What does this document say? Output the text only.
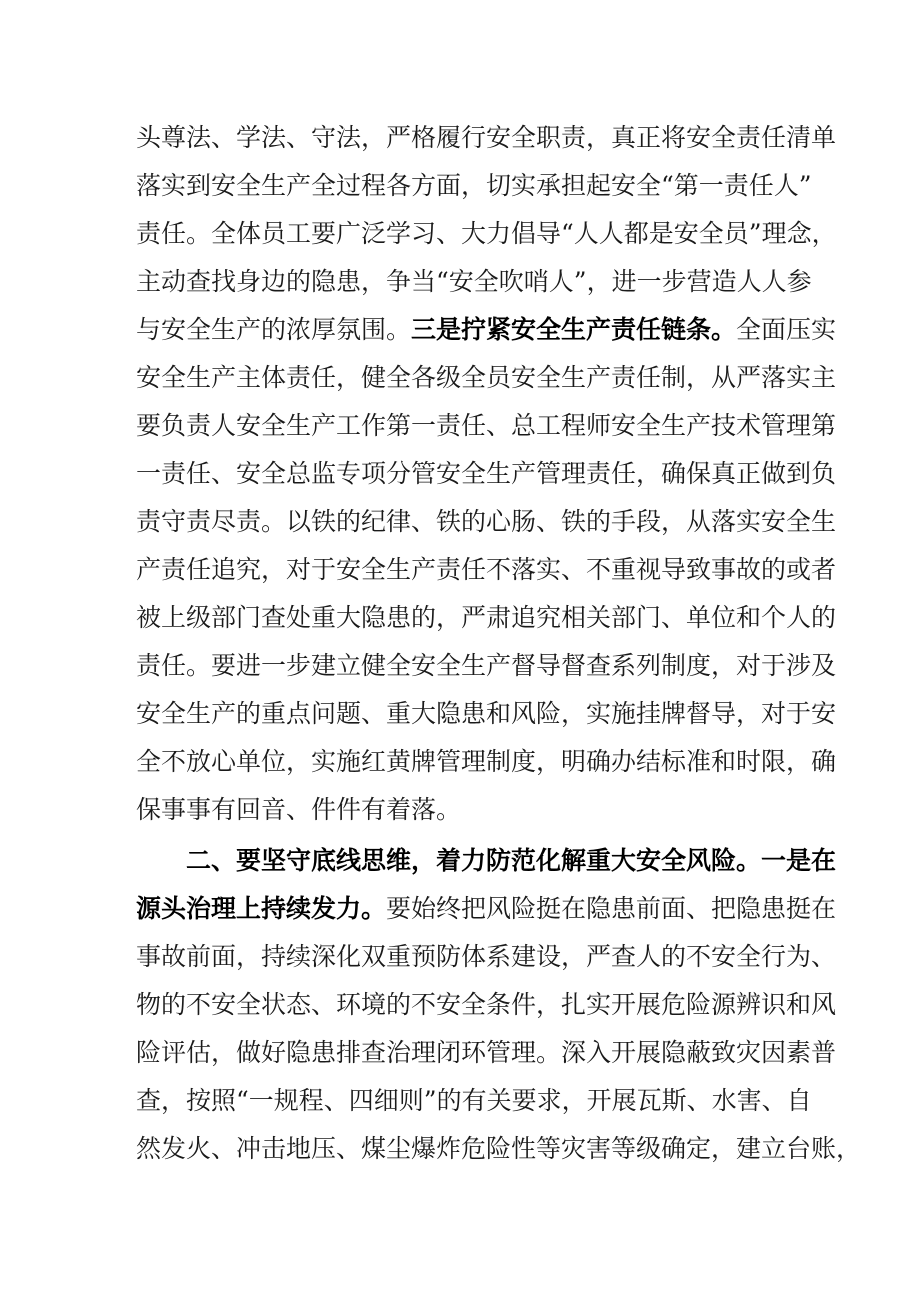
头尊法、学法、守法，严格履行安全职责，真正将安全责任清单
落实到安全生产全过程各方面，切实承担起安全“第一责任人”
责任。全体员工要广泛学习、大力倡导“人人都是安全员”理念，
主动查找身边的隐患，争当“安全吹哨人”，进一步营造人人参
与安全生产的浓厚氛围。三是拧紧安全生产责任链条。全面压实
安全生产主体责任，健全各级全员安全生产责任制，从严落实主
要负责人安全生产工作第一责任、总工程师安全生产技术管理第
一责任、安全总监专项分管安全生产管理责任，确保真正做到负
责守责尽责。以铁的纪律、铁的心肠、铁的手段，从落实安全生
产责任追究，对于安全生产责任不落实、不重视导致事故的或者
被上级部门查处重大隐患的，严肃追究相关部门、单位和个人的
责任。要进一步建立健全安全生产督导督查系列制度，对于涉及
安全生产的重点问题、重大隐患和风险，实施挂牌督导，对于安
全不放心单位，实施红黄牌管理制度，明确办结标准和时限，确
保事事有回音、件件有着落。
二、要坚守底线思维，着力防范化解重大安全风险。一是在
源头治理上持续发力。要始终把风险挺在隐患前面、把隐患挺在
事故前面，持续深化双重预防体系建设，严查人的不安全行为、
物的不安全状态、环境的不安全条件，扎实开展危险源辨识和风
险评估，做好隐患排查治理闭环管理。深入开展隐蔽致灾因素普
查，按照“一规程、四细则”的有关要求，开展瓦斯、水害、自
然发火、冲击地压、煤尘爆炸危险性等灾害等级确定，建立台账，
